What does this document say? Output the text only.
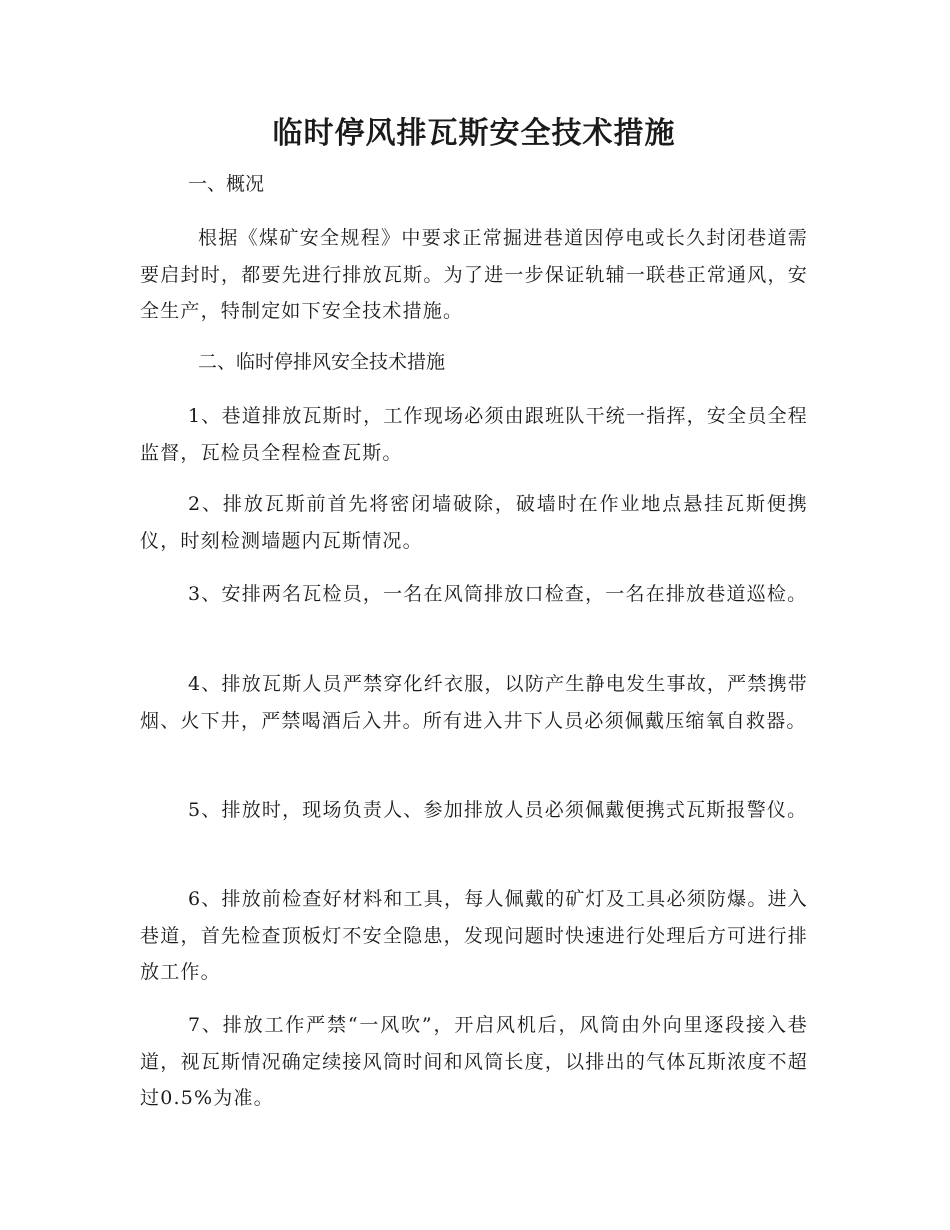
临时停风排瓦斯安全技术措施

一、概况

根据《煤矿安全规程》中要求正常掘进巷道因停电或长久封闭巷道需要启封时，都要先进行排放瓦斯。为了进一步保证轨辅一联巷正常通风，安全生产，特制定如下安全技术措施。

二、临时停排风安全技术措施

1、巷道排放瓦斯时，工作现场必须由跟班队干统一指挥，安全员全程监督，瓦检员全程检查瓦斯。

2、排放瓦斯前首先将密闭墙破除，破墙时在作业地点悬挂瓦斯便携仪，时刻检测墙题内瓦斯情况。

3、安排两名瓦检员，一名在风筒排放口检查，一名在排放巷道巡检。

4、排放瓦斯人员严禁穿化纤衣服，以防产生静电发生事故，严禁携带烟、火下井，严禁喝酒后入井。所有进入井下人员必须佩戴压缩氧自救器。

5、排放时，现场负责人、参加排放人员必须佩戴便携式瓦斯报警仪。

6、排放前检查好材料和工具，每人佩戴的矿灯及工具必须防爆。进入巷道，首先检查顶板灯不安全隐患，发现问题时快速进行处理后方可进行排放工作。

7、排放工作严禁“一风吹”，开启风机后，风筒由外向里逐段接入巷道，视瓦斯情况确定续接风筒时间和风筒长度，以排出的气体瓦斯浓度不超过0.5%为准。
